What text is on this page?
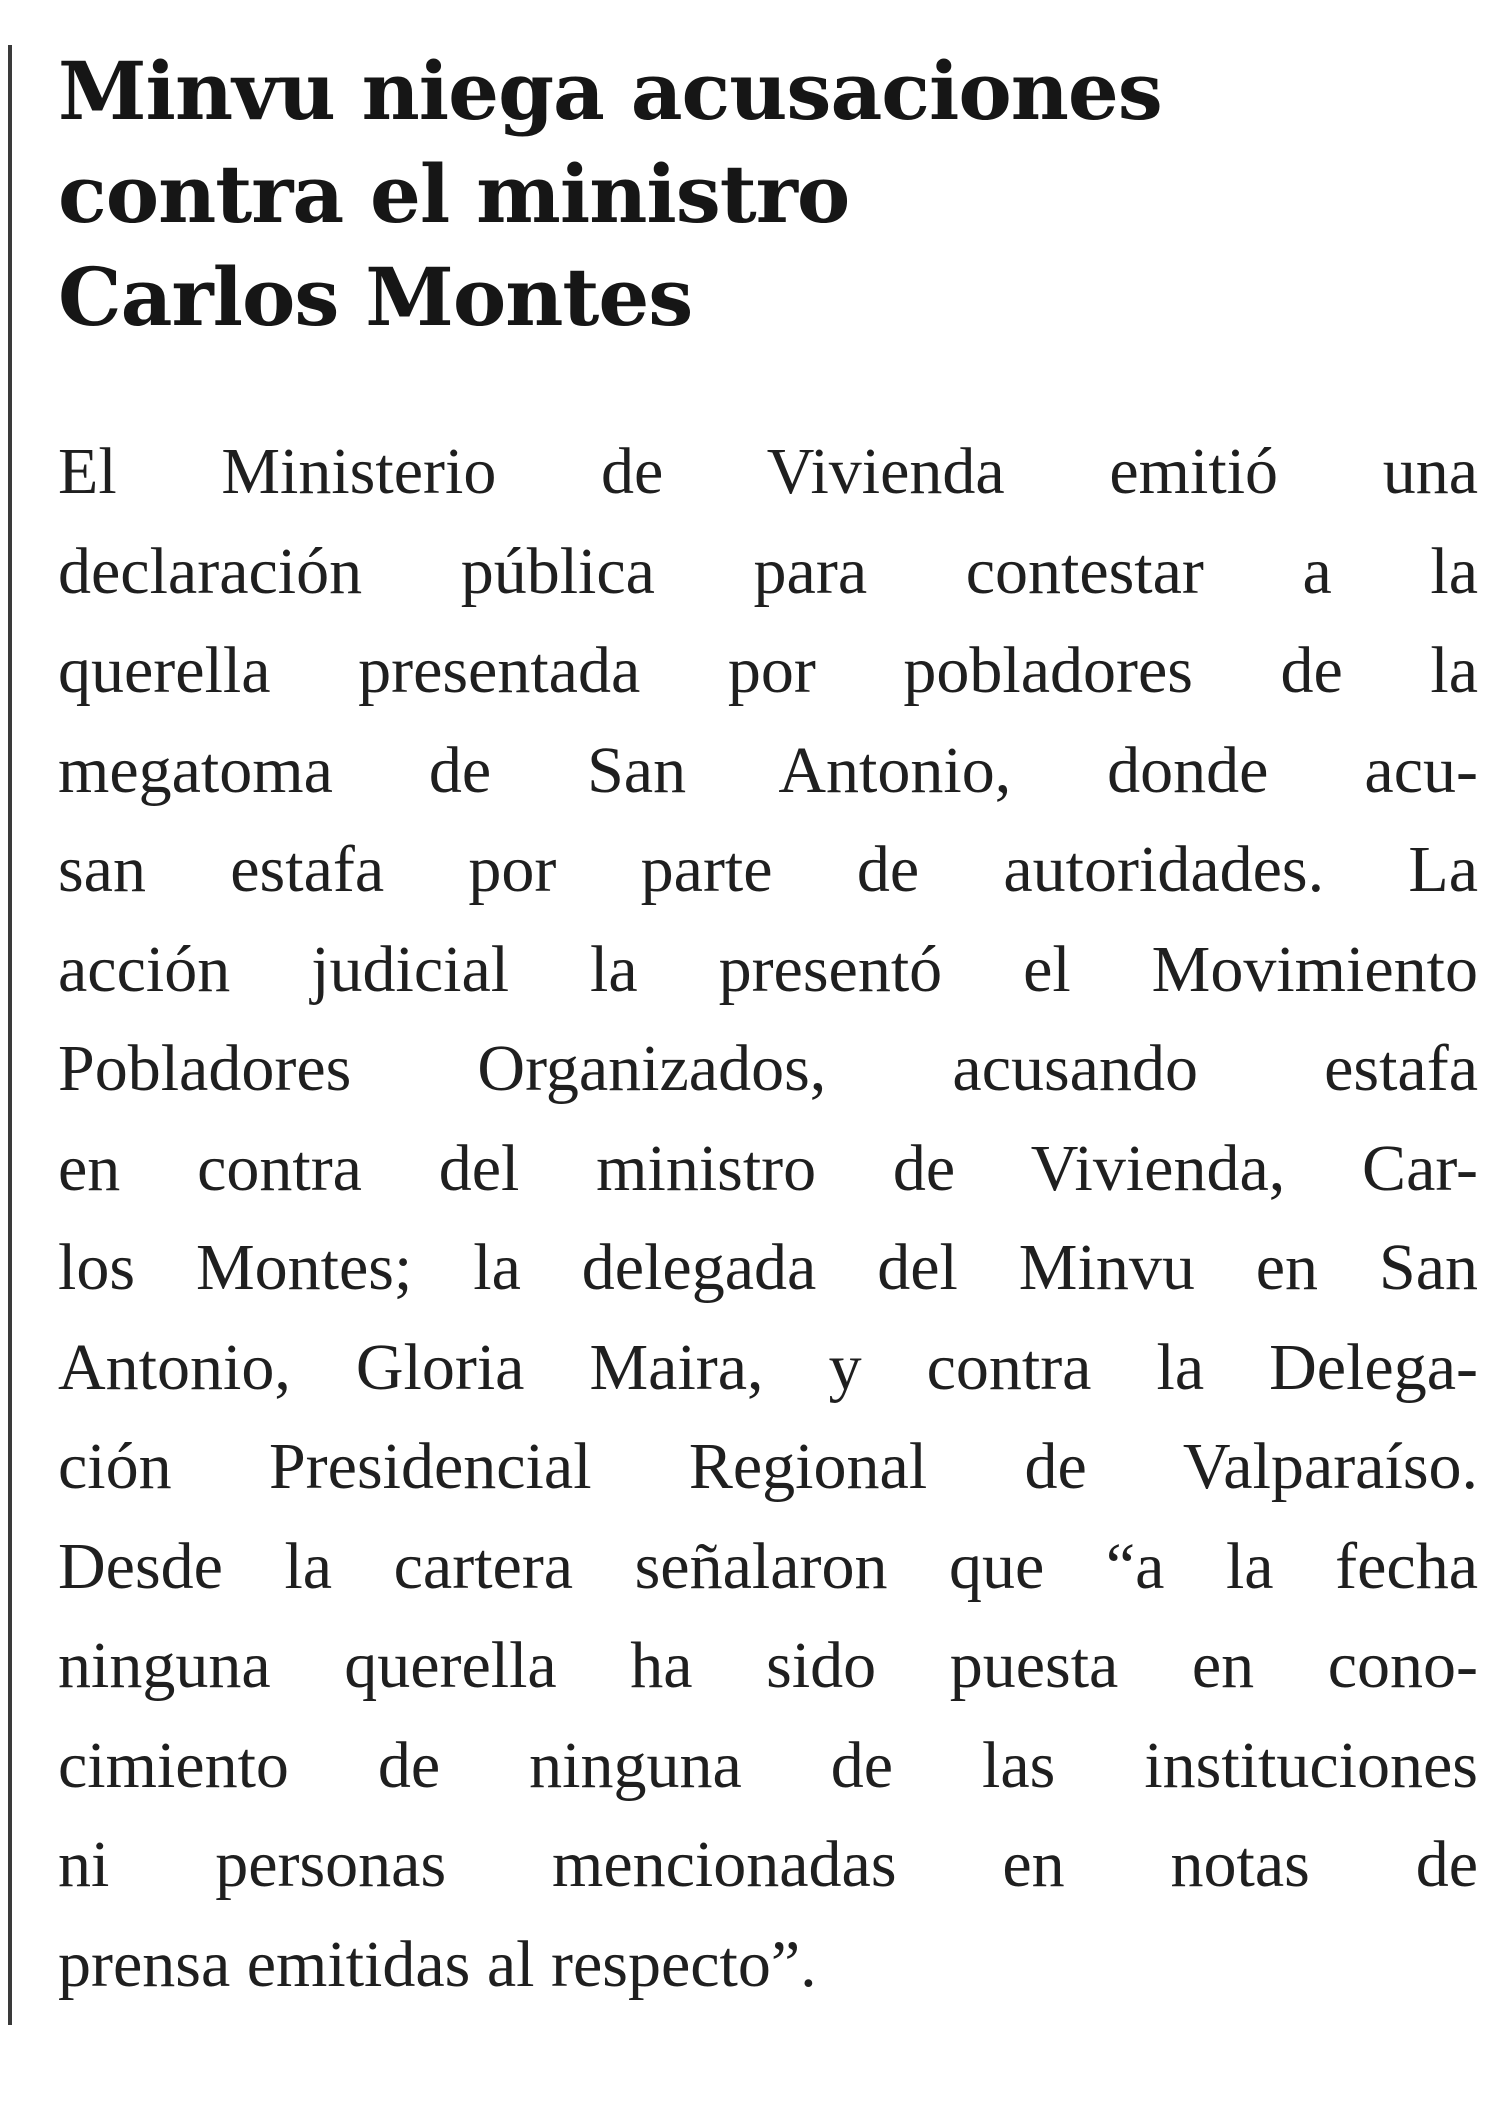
Minvu niega acusaciones
contra el ministro
Carlos Montes
El Ministerio de Vivienda emitió una
declaración pública para contestar a la
querella presentada por pobladores de la
megatoma de San Antonio, donde acu-
san estafa por parte de autoridades. La
acción judicial la presentó el Movimiento
Pobladores Organizados, acusando estafa
en contra del ministro de Vivienda, Car-
los Montes; la delegada del Minvu en San
Antonio, Gloria Maira, y contra la Delega-
ción Presidencial Regional de Valparaíso.
Desde la cartera señalaron que “a la fecha
ninguna querella ha sido puesta en cono-
cimiento de ninguna de las instituciones
ni personas mencionadas en notas de
prensa emitidas al respecto”.
